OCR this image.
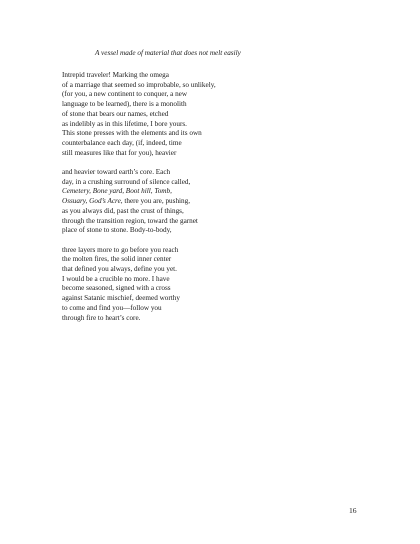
A vessel made of material that does not melt easily
Intrepid traveler! Marking the omega
of a marriage that seemed so improbable, so unlikely,
(for you, a new continent to conquer, a new
language to be learned), there is a monolith
of stone that bears our names, etched
as indelibly as in this lifetime, I bore yours.
This stone presses with the elements and its own
counterbalance each day, (if, indeed, time
still measures like that for you), heavier
and heavier toward earth’s core. Each
day, in a crushing surround of silence called,
Cemetery, Bone yard, Boot hill, Tomb,
Ossuary, God’s Acre, there you are, pushing,
as you always did, past the crust of things,
through the transition region, toward the garnet
place of stone to stone. Body-to-body,
three layers more to go before you reach
the molten fires, the solid inner center
that defined you always, define you yet.
I would be a crucible no more. I have
become seasoned, signed with a cross
against Satanic mischief, deemed worthy
to come and find you—follow you
through fire to heart’s core.
16
